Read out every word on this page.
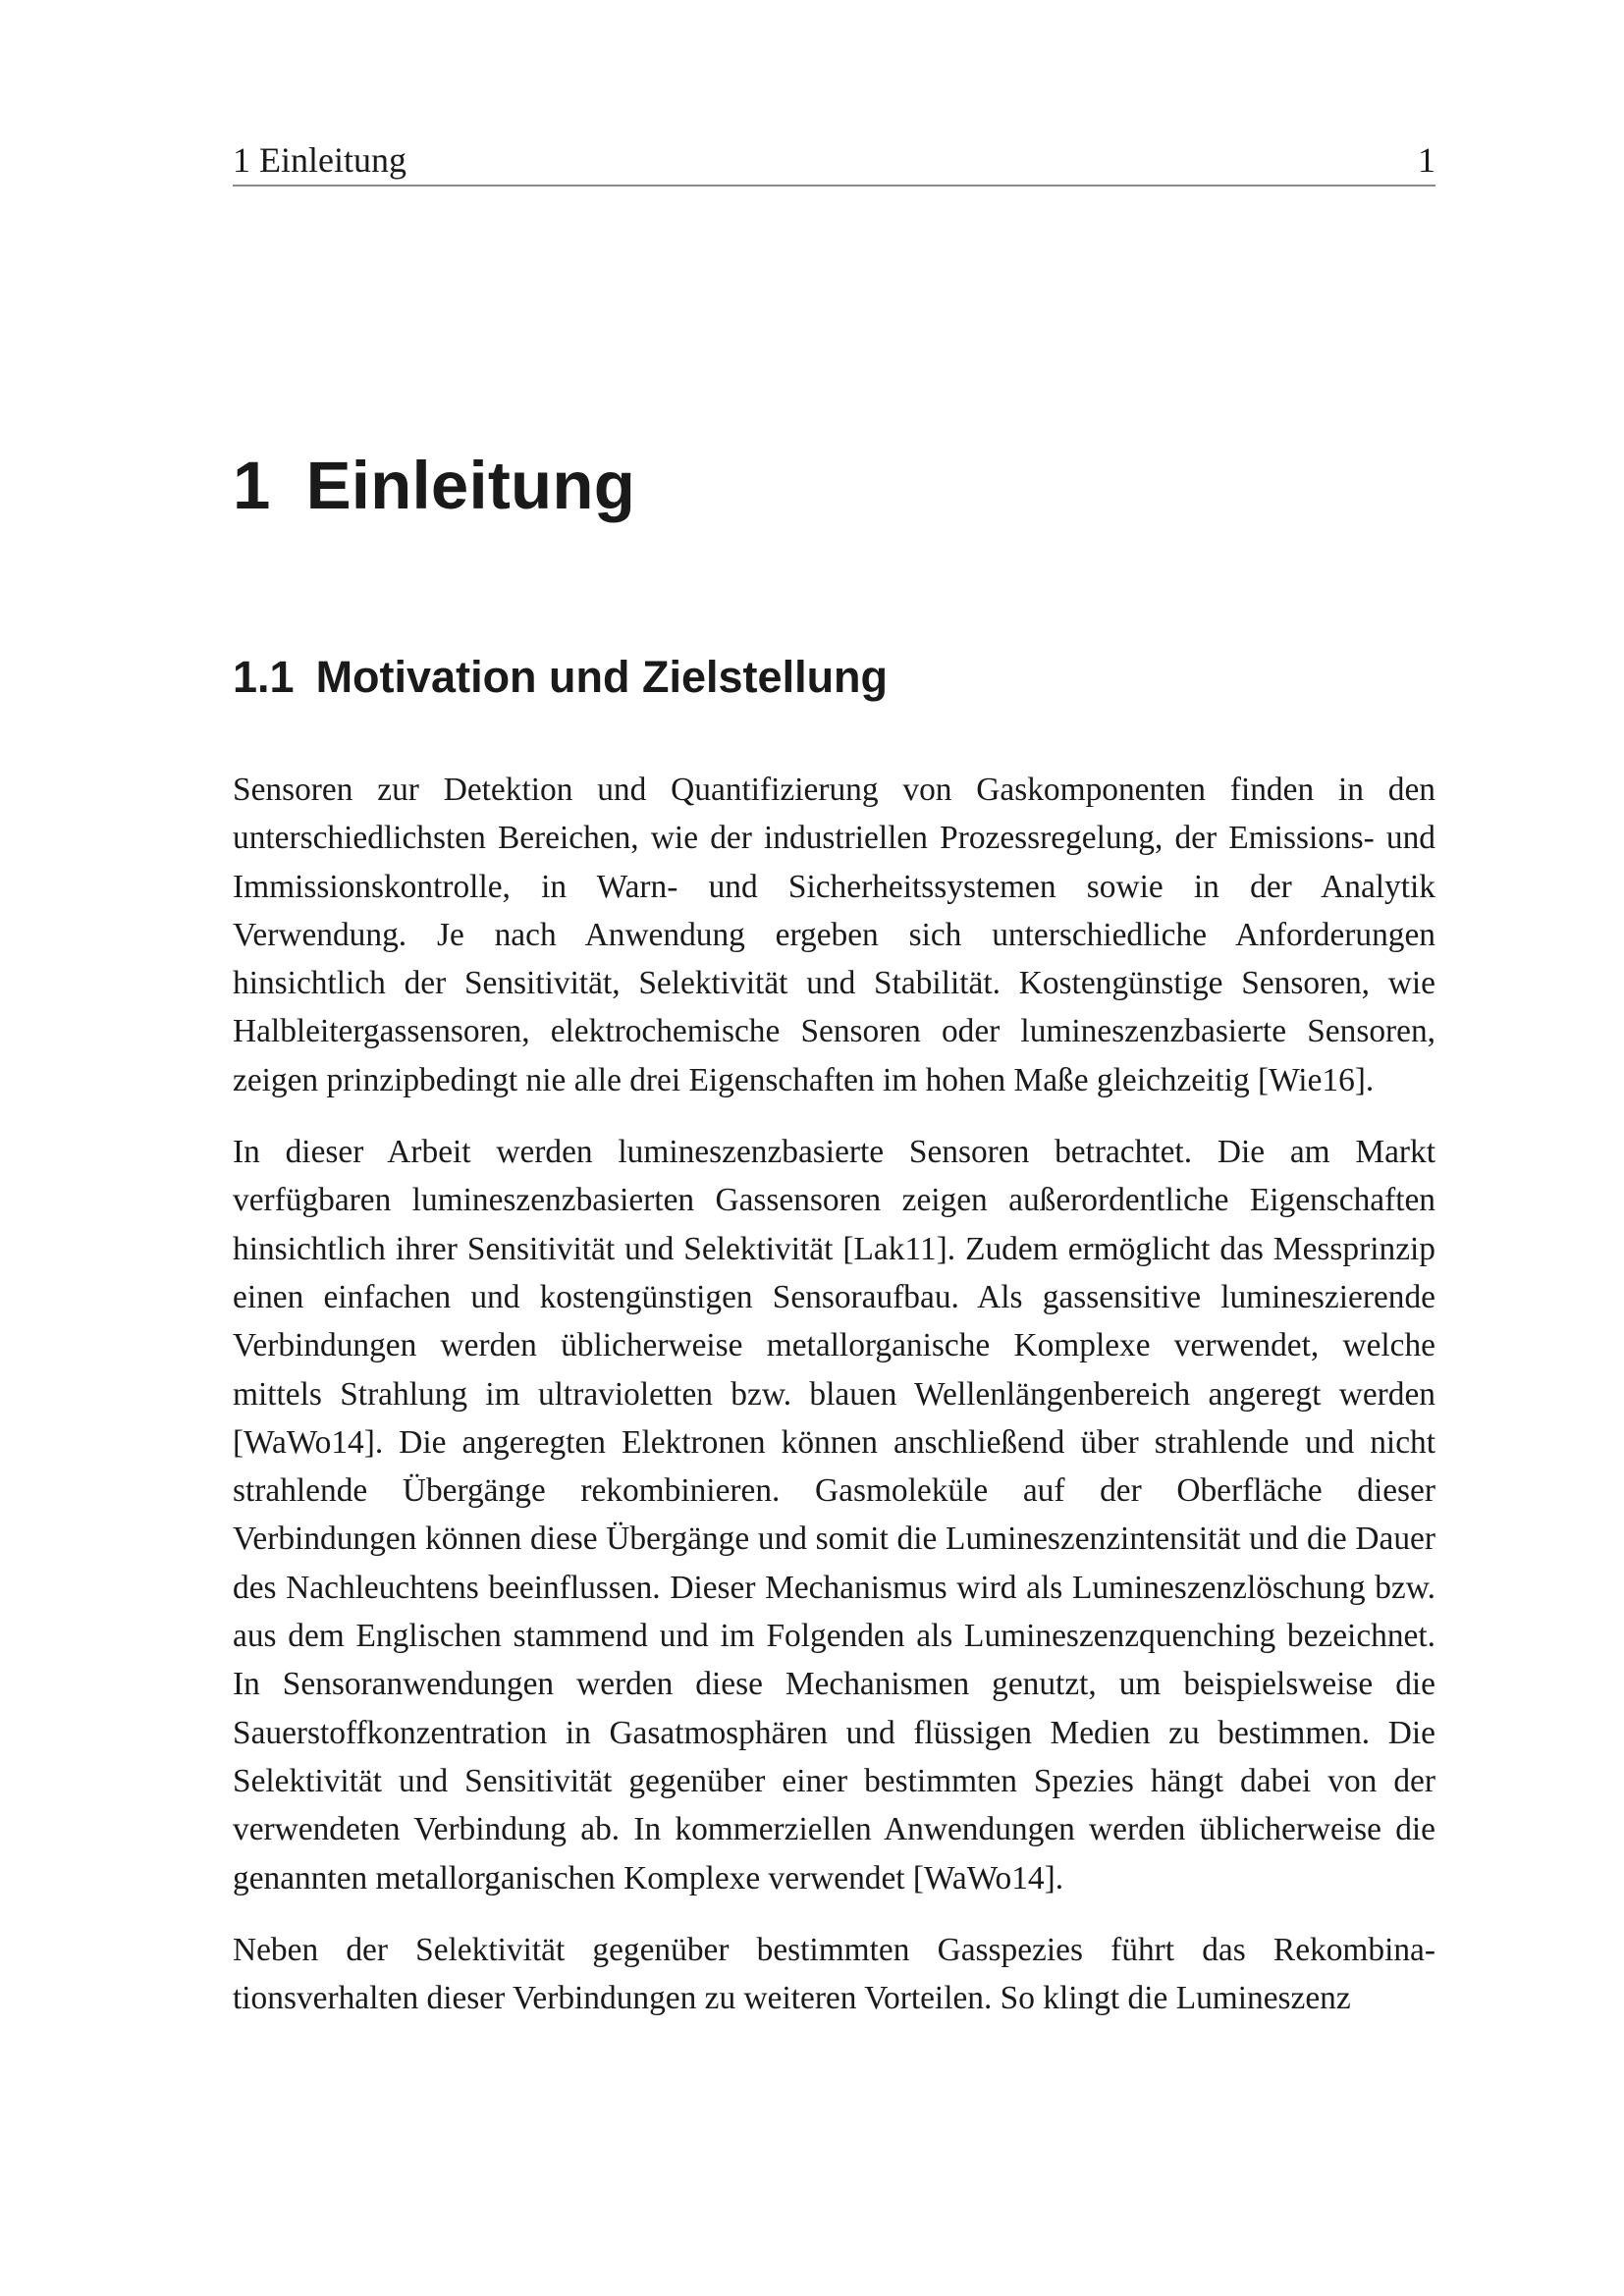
1 Einleitung	1
1 Einleitung
1.1 Motivation und Zielstellung

Sensoren zur Detektion und Quantifizierung von Gaskomponenten finden in den unterschiedlichsten Bereichen, wie der industriellen Prozessregelung, der Emissions- und Immissionskontrolle, in Warn- und Sicherheitssystemen sowie in der Analytik Verwendung. Je nach Anwendung ergeben sich unterschiedliche Anforderungen hinsichtlich der Sensitivität, Selektivität und Stabilität. Kostengünstige Sensoren, wie Halbleitergassensoren, elektrochemische Sensoren oder lumineszenzbasierte Sensoren, zeigen prinzipbedingt nie alle drei Eigenschaften im hohen Maße gleichzeitig [Wie16].

In dieser Arbeit werden lumineszenzbasierte Sensoren betrachtet. Die am Markt verfügbaren lumineszenzbasierten Gassensoren zeigen außerordentliche Eigenschaften hinsichtlich ihrer Sensitivität und Selektivität [Lak11]. Zudem ermöglicht das Messprinzip einen einfachen und kostengünstigen Sensoraufbau. Als gassensitive lumineszierende Verbindungen werden üblicherweise metallorganische Komplexe verwendet, welche mittels Strahlung im ultravioletten bzw. blauen Wellenlängenbereich angeregt werden [WaWo14]. Die angeregten Elektronen können anschließend über strahlende und nicht strahlende Übergänge rekombinieren. Gasmoleküle auf der Oberfläche dieser Verbindungen können diese Übergänge und somit die Lumineszenzintensität und die Dauer des Nachleuchtens beeinflussen. Dieser Mechanismus wird als Lumineszenzlöschung bzw. aus dem Englischen stammend und im Folgenden als Lumineszenzquenching bezeichnet. In Sensoranwendungen werden diese Mechanismen genutzt, um beispielsweise die Sauerstoffkonzentration in Gasatmosphären und flüssigen Medien zu bestimmen. Die Selektivität und Sensitivität gegenüber einer bestimmten Spezies hängt dabei von der verwendeten Verbindung ab. In kommerziellen Anwendungen werden üblicherweise die genannten metallorganischen Komplexe verwendet [WaWo14].

Neben der Selektivität gegenüber bestimmten Gasspezies führt das Rekombinationsverhalten dieser Verbindungen zu weiteren Vorteilen. So klingt die Lumineszenz
